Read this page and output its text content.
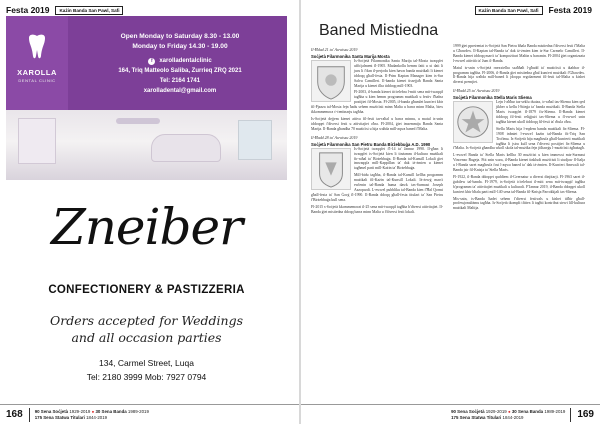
Festa 2019 Każin Banda San Pawl, Safi
XAROLLA
DENTAL CLINIC
Open Monday to Saturday 8.30 - 13.00
Monday to Friday 14.30 - 19.00
f	xarolladentalclinic
164, Triq Matteolo Saliba, Zurrieq ZRQ 2021
Tel: 2164 1741
xarolladental@gmail.com
Zneiber
CONFECTIONERY & PASTIZZERIA
Orders accepted for Weddings
and all occasion parties
134, Carmel Street, Luqa
Tel: 2180 3999 Mob: 7927 0794
168	90 Sena Soċjetà 1929-2019 ● 30 Sena Banda 1989-2019
175 Sena Statwa Titulari 1844-2019
Każin Banda San Pawl, Safi Festa 2019
Baned Mistiedna
Il-Ħdud 21 ta' Awwissu 2019
Soċjetà Filarmonika Santa Marija Mosta

Is-Soċjetà Filarmonika Santa Marija tal-Mosta twaqqfet uffiċjalment fl-1905. Madankollu hemm fatti u xi dati li juru li f'dan il-perjodu kien hawn banda mużikali li kienet iddoqq għall-festa. Il-Prim Kaptan Manager kien is-Sur Salvu Camilleri. Il-banda kienet tissejjaħ Banda Santa Marija u kienet ilha tiddoqq mill-1903.

Fl-2003, il-banda kienet tiċċelebra l-mitt sena mit-twaqqif tagħha u kien hemm programm mużikali u festiv f'ħafna postijiet fil-Mosta. Fl-2005, il-banda għamlet kunċert kbir fil-Pjazza tal-Mosta fejn ħadu sehem mużiċisti minn Malta u barra minn Malta, biex ikkommemora ċ-ċentinarju tagħha.

Is-Soċjetà dejjem kienet attiva fil-festi tar-raħal u barra minnu, u matul is-snin iddoqqet f'diversi festi u attivitajiet oħra. Fl-2004, ġiet imsemmija Banda Santa Marija. Il-Banda għandha 70 mużiċist u hija waħda mill-aqwa baned f'Malta.

Il-Ħadd 28 ta' Awwissu 2019
Soċjetà Filarmonika San Pietru Banda Birżebbuġa A.D. 1990

Is-Soċjetà twaqqfet f'l-14 ta' Jannar 1990. Il-għan li twaqqfet is-Soċjetà kien li tinżamm il-kultura mużikali fir-raħal ta' Birżebbuġa. Il-Banda tal-Kunsill Lokali ġiet imwaqqfa mill-Kappillan ta' dak iż-żmien u kienet tagħmel parti mill-Każin ta' Birżebbuġa.

Mill-bidu tagħha, il-Banda tal-Kunsill kellha programm mużikali fil-Każin tal-Kunsill Lokali. Iż-żewġ marċi ewlenin tal-Banda huma dawk tas-Surmast Joseph Azzopardi. L-ewwel pubbliku tal-Banda kien f'Ħal Qormi għall-festa ta' San Ġorġ fl-1990. Il-Banda ddoqq għall-festa titulari ta' San Pietru f'Birżebbuġa kull sena.

Fl-2015 s-Soċjetà kkommemorat il-25 sena mit-twaqqif tagħha b'diversi attivitajiet. Il-Banda ġiet mistiedna ddoqq barra minn Malta u f'diversi festi lokali.

1999 ġiet ppreżentat is-Soċjetà San Pietru bħala Banda mistiedna f'diversi festi f'Malta u Għawdex. Il-Kaptan tal-Banda ta' dak iż-żmien kien is-Sur Carmelo Camilleri. Il-Banda kienet iddoqq marċi ta' kompożituri Maltin u barranin. Fl-2004 ġiet organizzata l-ewwel attività ta' Jum il-Banda.

Matul is-snin s-Soċjetà rnexxielha ssaħħaħ l-għadd ta' mużiċisti u tkabbar il-programm tagħha. Fl-2006, il-Banda ġiet mistiedna għal kunċert mużikali f'Għawdex. Il-Banda hija waħda mill-baned li jdoqqu regolarment fil-festi tal-Malta u kisbet diversi premjiet.

Il-Ħadd 25 ta' Awwissu 2019
Soċjetà Filarmonika Stella Maris Sliema

Lejn l-aħħar tas-seklu dsatax, ir-raħal tas-Sliema kien qed jikber u kellu l-ħtieġa ta' banda mużikali. Il-Banda Stella Maris twaqqfet fl-1879 fis-Sliema. Il-Banda kienet tiddoqq fil-festi reliġjużi tas-Sliema u fl-ewwel snin tagħha kienet ukoll tiddoqq fil-festi ta' rħula oħra.

Stella Maris hija l-eqdem banda mużikali fis-Sliema. Fl-1908 inbniet l-ewwel każin tal-Banda fit-Triq San Trofimu. Is-Soċjetà hija magħrufa għall-kunċerti mużikali tagħha li jsiru kull sena f'diversi postijiet fis-Sliema u f'Malta. Is-Soċjetà għandha wkoll skola tal-mużika fejn jitħarrġu l-mużiċisti żgħażagħ.

L-ewwel Banda ta' Stella Maris kellha 30 mużiċist u kien immexxi mis-Surmast Vincenzo Bugeja. Ftit snin wara, il-Banda kienet tinkludi mużiċisti li studjaw fl-Italja u l-Banda saret magħrufa fost l-aqwa baned ta' dak iż-żmien. Il-Kunċert Annwali tal-Banda jsir fil-Knisja ta' Stella Maris.

Fl-1922, il-Banda ddoqqet quddiem il-Gvernatur u diversi dinjitarji. Fl-1963 saret il-ġubilew tal-banda. Fl-1979, is-Soċjetà iċċelebrat il-mitt sena mit-twaqqif tagħha b'programm ta' attivitajiet mużikali u kulturali. F'Jannar 2019, il-Banda ddoqqet ukoll kunċert kbir bħala parti mill-140 sena tal-Banda fil-Knisja Parrokkjali tas-Sliema.

Mis-snin, is-Banda ħadet sehem f'diversi festivals u kisbet tifħir għall-professjonaliżmu tagħha. Is-Soċjetà tkompli tfittex li tagħti kontribut siewi lill-kultura mużikali Maltija.

90 Sena Soċjetà 1929-2019 ● 30 Sena Banda 1989-2019
175 Sena Statwa Titulari 1844-2019	169
